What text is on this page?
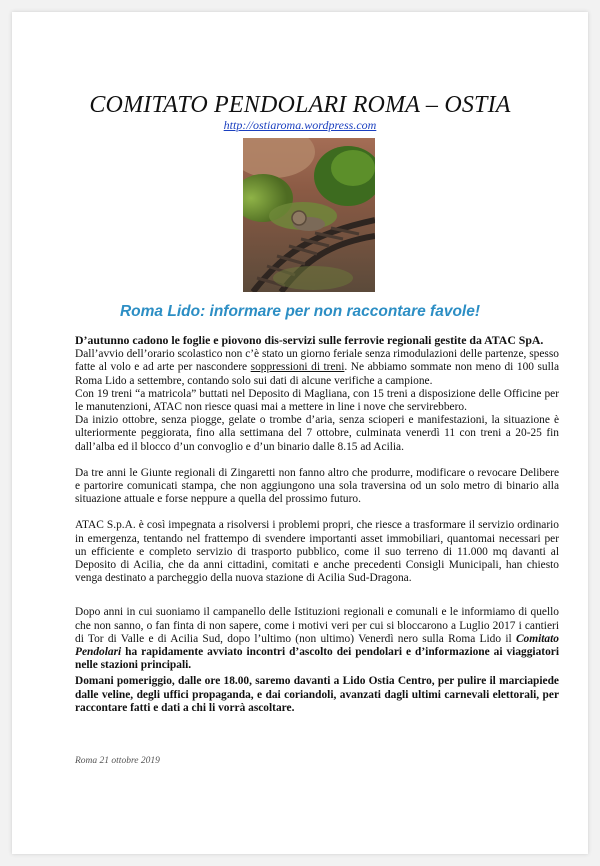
COMITATO PENDOLARI ROMA – OSTIA
http://ostiaroma.wordpress.com
Roma Lido: informare per non raccontare favole!

D’autunno cadono le foglie e piovono dis-servizi sulle ferrovie regionali gestite da ATAC SpA.

Dall’avvio dell’orario scolastico non c’è stato un giorno feriale senza rimodulazioni delle partenze, spesso fatte al volo e ad arte per nascondere soppressioni di treni. Ne abbiamo sommate non meno di 100 sulla Roma Lido a settembre, contando solo sui dati di alcune verifiche a campione.

Con 19 treni “a matricola” buttati nel Deposito di Magliana, con 15 treni a disposizione delle Officine per le manutenzioni, ATAC non riesce quasi mai a mettere in line i nove che servirebbero.

Da inizio ottobre, senza piogge, gelate o trombe d’aria, senza scioperi e manifestazioni, la situazione è ulteriormente peggiorata, fino alla settimana del 7 ottobre, culminata venerdì 11 con treni a 20-25 fin dall’alba ed il blocco d’un convoglio e d’un binario dalle 8.15 ad Acilia.

Da tre anni le Giunte regionali di Zingaretti non fanno altro che produrre, modificare o revocare Delibere e partorire comunicati stampa, che non aggiungono una sola traversina od un solo metro di binario alla situazione attuale e forse neppure a quella del prossimo futuro.

ATAC S.p.A. è così impegnata a risolversi i problemi propri, che riesce a trasformare il servizio ordinario in emergenza, tentando nel frattempo di svendere importanti asset immobiliari, quantomai necessari per un efficiente e completo servizio di trasporto pubblico, come il suo terreno di 11.000 mq davanti al Deposito di Acilia, che da anni cittadini, comitati e anche precedenti Consigli Municipali, han chiesto venga destinato a parcheggio della nuova stazione di Acilia Sud-Dragona.

Dopo anni in cui suoniamo il campanello delle Istituzioni regionali e comunali e le informiamo di quello che non sanno, o fan finta di non sapere, come i motivi veri per cui si bloccarono a Luglio 2017 i cantieri di Tor di Valle e di Acilia Sud, dopo l’ultimo (non ultimo) Venerdì nero sulla Roma Lido il Comitato Pendolari ha rapidamente avviato incontri d’ascolto dei pendolari e d’informazione ai viaggiatori nelle stazioni principali.

Domani pomeriggio, dalle ore 18.00, saremo davanti a Lido Ostia Centro, per pulire il marciapiede dalle veline, degli uffici propaganda, e dai coriandoli, avanzati dagli ultimi carnevali elettorali, per raccontare fatti e dati a chi li vorrà ascoltare.

Roma 21 ottobre 2019
